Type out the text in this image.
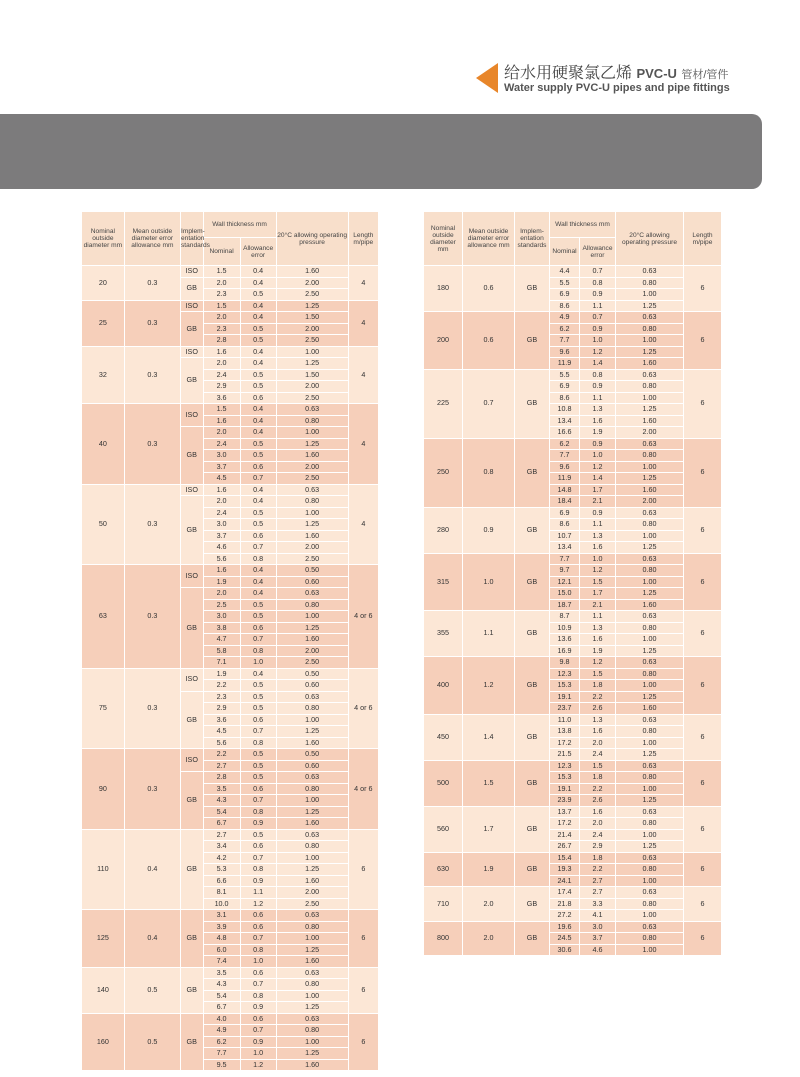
给水用硬聚氯乙烯 PVC-U 管材/管件
Water supply PVC-U pipes and pipe fittings
Nominal outside diameter mm	Mean outside diameter error allowance mm	Implem-entation standards	Wall thickness mm		20°C allowing operating pressure	Length m/pipe
			Nominal	Allowance error		
20	0.3	ISO	1.5	0.4	1.60	4
		GB	2.0	0.4	2.00	
			2.3	0.5	2.50	
25	0.3	ISO	1.5	0.4	1.25	4
		GB	2.0	0.4	1.50	
			2.3	0.5	2.00	
			2.8	0.5	2.50	
32	0.3	ISO	1.6	0.4	1.00	4
		GB	2.0	0.4	1.25	
			2.4	0.5	1.50	
			2.9	0.5	2.00	
			3.6	0.6	2.50	
40	0.3	ISO	1.5	0.4	0.63	4
			1.6	0.4	0.80	
		GB	2.0	0.4	1.00	
			2.4	0.5	1.25	
			3.0	0.5	1.60	
			3.7	0.6	2.00	
			4.5	0.7	2.50	
50	0.3	ISO	1.6	0.4	0.63	4
		GB	2.0	0.4	0.80	
			2.4	0.5	1.00	
			3.0	0.5	1.25	
			3.7	0.6	1.60	
			4.6	0.7	2.00	
			5.6	0.8	2.50	
63	0.3	ISO	1.6	0.4	0.50	4 or 6
			1.9	0.4	0.60	
		GB	2.0	0.4	0.63	
			2.5	0.5	0.80	
			3.0	0.5	1.00	
			3.8	0.6	1.25	
			4.7	0.7	1.60	
			5.8	0.8	2.00	
			7.1	1.0	2.50	
75	0.3	ISO	1.9	0.4	0.50	4 or 6
			2.2	0.5	0.60	
		GB	2.3	0.5	0.63	
			2.9	0.5	0.80	
			3.6	0.6	1.00	
			4.5	0.7	1.25	
			5.6	0.8	1.60	
90	0.3	ISO	2.2	0.5	0.50	4 or 6
			2.7	0.5	0.60	
		GB	2.8	0.5	0.63	
			3.5	0.6	0.80	
			4.3	0.7	1.00	
			5.4	0.8	1.25	
			6.7	0.9	1.60	
110	0.4	GB	2.7	0.5	0.63	6
			3.4	0.6	0.80	
			4.2	0.7	1.00	
			5.3	0.8	1.25	
			6.6	0.9	1.60	
			8.1	1.1	2.00	
			10.0	1.2	2.50	
125	0.4	GB	3.1	0.6	0.63	6
			3.9	0.6	0.80	
			4.8	0.7	1.00	
			6.0	0.8	1.25	
			7.4	1.0	1.60	
140	0.5	GB	3.5	0.6	0.63	6
			4.3	0.7	0.80	
			5.4	0.8	1.00	
			6.7	0.9	1.25	
160	0.5	GB	4.0	0.6	0.63	6
			4.9	0.7	0.80	
			6.2	0.9	1.00	
			7.7	1.0	1.25	
			9.5	1.2	1.60	
Nominal outside diameter mm	Mean outside diameter error allowance mm	Implem-entation standards	Wall thickness mm		20°C allowing operating pressure	Length m/pipe
			Nominal	Allowance error		
180	0.6	GB	4.4	0.7	0.63	6
			5.5	0.8	0.80	
			6.9	0.9	1.00	
			8.6	1.1	1.25	
200	0.6	GB	4.9	0.7	0.63	6
			6.2	0.9	0.80	
			7.7	1.0	1.00	
			9.6	1.2	1.25	
			11.9	1.4	1.60	
225	0.7	GB	5.5	0.8	0.63	6
			6.9	0.9	0.80	
			8.6	1.1	1.00	
			10.8	1.3	1.25	
			13.4	1.6	1.60	
			16.6	1.9	2.00	
250	0.8	GB	6.2	0.9	0.63	6
			7.7	1.0	0.80	
			9.6	1.2	1.00	
			11.9	1.4	1.25	
			14.8	1.7	1.60	
			18.4	2.1	2.00	
280	0.9	GB	6.9	0.9	0.63	6
			8.6	1.1	0.80	
			10.7	1.3	1.00	
			13.4	1.6	1.25	
315	1.0	GB	7.7	1.0	0.63	6
			9.7	1.2	0.80	
			12.1	1.5	1.00	
			15.0	1.7	1.25	
			18.7	2.1	1.60	
355	1.1	GB	8.7	1.1	0.63	6
			10.9	1.3	0.80	
			13.6	1.6	1.00	
			16.9	1.9	1.25	
400	1.2	GB	9.8	1.2	0.63	6
			12.3	1.5	0.80	
			15.3	1.8	1.00	
			19.1	2.2	1.25	
			23.7	2.6	1.60	
450	1.4	GB	11.0	1.3	0.63	6
			13.8	1.6	0.80	
			17.2	2.0	1.00	
			21.5	2.4	1.25	
500	1.5	GB	12.3	1.5	0.63	6
			15.3	1.8	0.80	
			19.1	2.2	1.00	
			23.9	2.6	1.25	
560	1.7	GB	13.7	1.6	0.63	6
			17.2	2.0	0.80	
			21.4	2.4	1.00	
			26.7	2.9	1.25	
630	1.9	GB	15.4	1.8	0.63	6
			19.3	2.2	0.80	
			24.1	2.7	1.00	
710	2.0	GB	17.4	2.7	0.63	6
			21.8	3.3	0.80	
			27.2	4.1	1.00	
800	2.0	GB	19.6	3.0	0.63	6
			24.5	3.7	0.80	
			30.6	4.6	1.00	
